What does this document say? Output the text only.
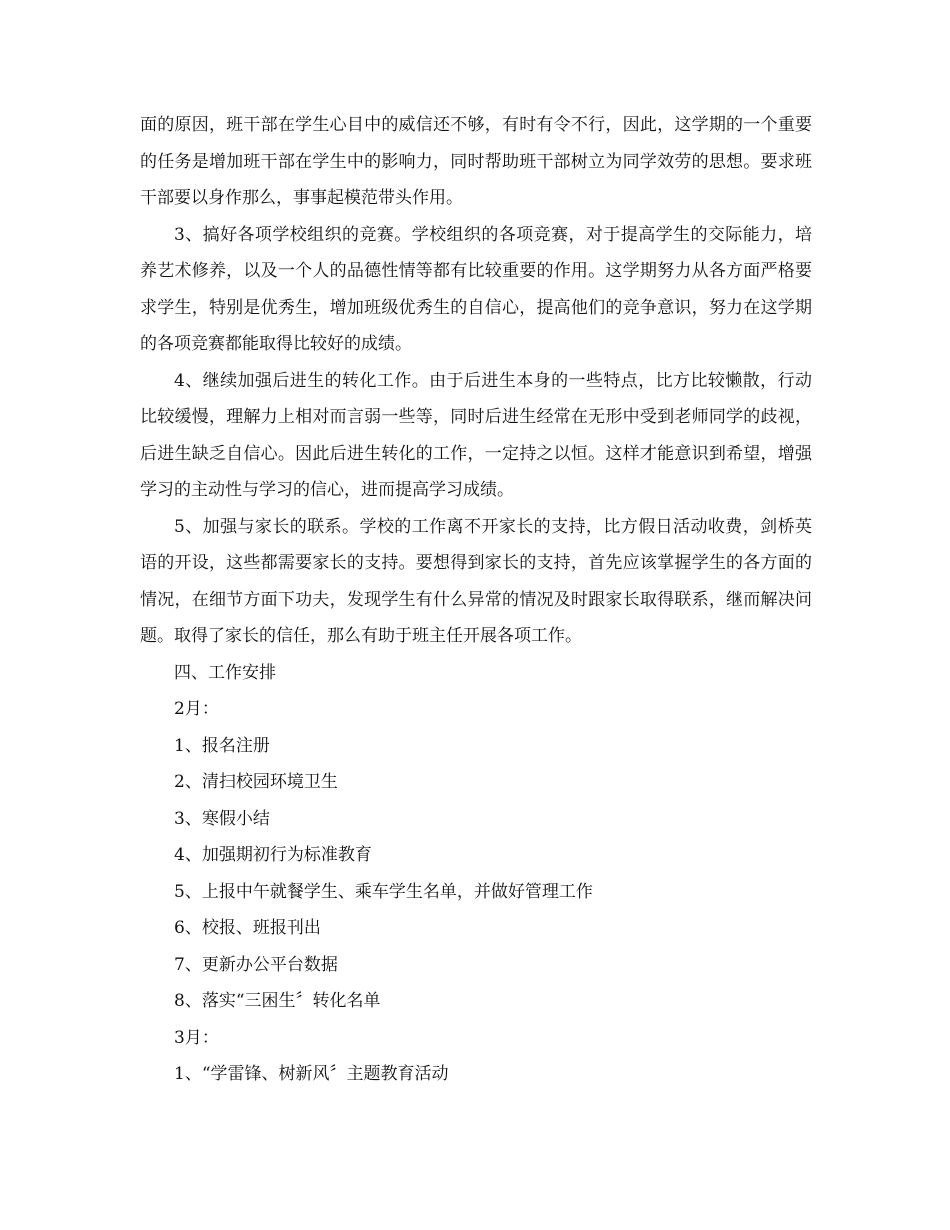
面的原因，班干部在学生心目中的威信还不够，有时有令不行，因此，这学期的一个重要的任务是增加班干部在学生中的影响力，同时帮助班干部树立为同学效劳的思想。要求班干部要以身作那么，事事起模范带头作用。

3、搞好各项学校组织的竞赛。学校组织的各项竞赛，对于提高学生的交际能力，培养艺术修养，以及一个人的品德性情等都有比较重要的作用。这学期努力从各方面严格要求学生，特别是优秀生，增加班级优秀生的自信心，提高他们的竞争意识，努力在这学期的各项竞赛都能取得比较好的成绩。

4、继续加强后进生的转化工作。由于后进生本身的一些特点，比方比较懒散，行动比较缓慢，理解力上相对而言弱一些等，同时后进生经常在无形中受到老师同学的歧视，后进生缺乏自信心。因此后进生转化的工作，一定持之以恒。这样才能意识到希望，增强学习的主动性与学习的信心，进而提高学习成绩。

5、加强与家长的联系。学校的工作离不开家长的支持，比方假日活动收费，剑桥英语的开设，这些都需要家长的支持。要想得到家长的支持，首先应该掌握学生的各方面的情况，在细节方面下功夫，发现学生有什么异常的情况及时跟家长取得联系，继而解决问题。取得了家长的信任，那么有助于班主任开展各项工作。

四、工作安排

2月：

1、报名注册

2、清扫校园环境卫生

3、寒假小结

4、加强期初行为标准教育

5、上报中午就餐学生、乘车学生名单，并做好管理工作

6、校报、班报刊出

7、更新办公平台数据

8、落实“三困生〞转化名单

3月：

1、“学雷锋、树新风〞主题教育活动
